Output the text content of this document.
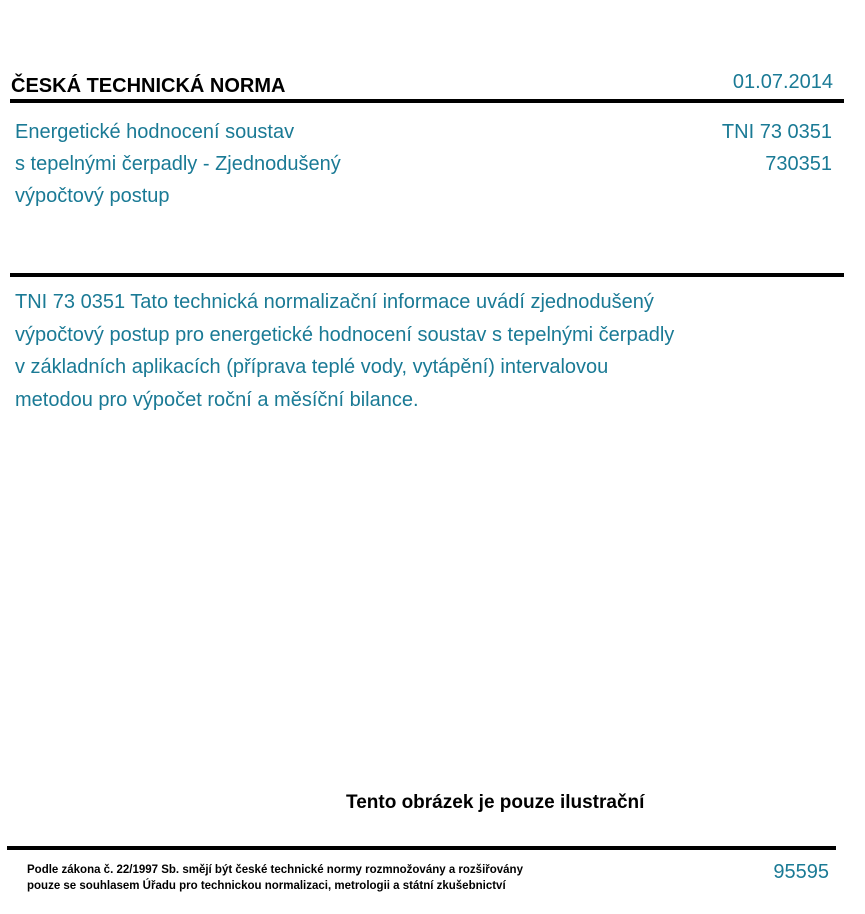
ČESKÁ TECHNICKÁ NORMA	01.07.2014
Energetické hodnocení soustav
s tepelnými čerpadly - Zjednodušený
výpočtový postup
TNI 73 0351
730351
TNI 73 0351 Tato technická normalizační informace uvádí zjednodušený
výpočtový postup pro energetické hodnocení soustav s tepelnými čerpadly
v základních aplikacích (příprava teplé vody, vytápění) intervalovou
metodou pro výpočet roční a měsíční bilance.
Tento obrázek je pouze ilustrační
Podle zákona č. 22/1997 Sb. smějí být české technické normy rozmnožovány a rozšiřovány
pouze se souhlasem Úřadu pro technickou normalizaci, metrologii a státní zkušebnictví
95595
